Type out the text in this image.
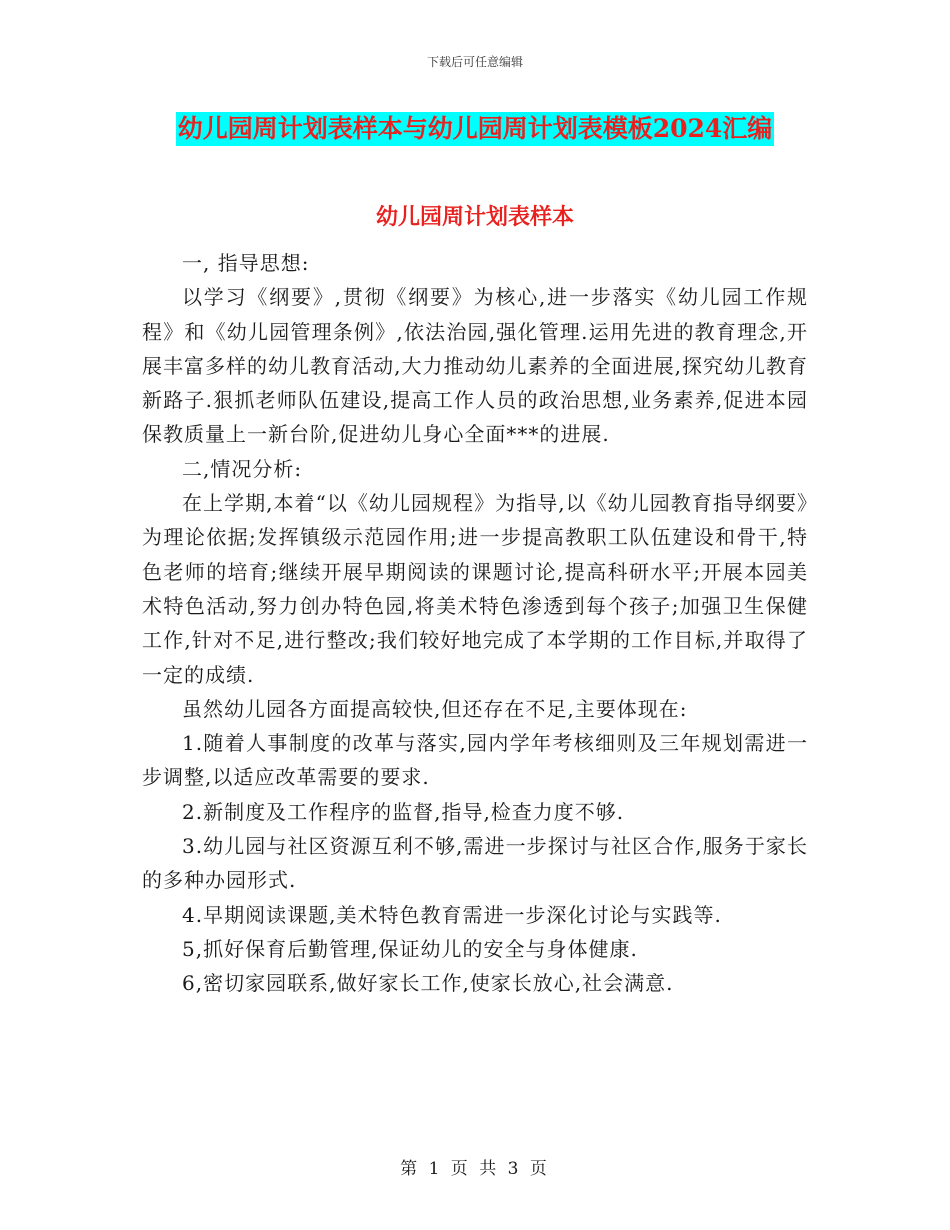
下载后可任意编辑
幼儿园周计划表样本与幼儿园周计划表模板2024汇编
幼儿园周计划表样本

一, 指导思想:

以学习《纲要》,贯彻《纲要》为核心,进一步落实《幼儿园工作规程》和《幼儿园管理条例》,依法治园,强化管理.运用先进的教育理念,开展丰富多样的幼儿教育活动,大力推动幼儿素养的全面进展,探究幼儿教育新路子.狠抓老师队伍建设,提高工作人员的政治思想,业务素养,促进本园保教质量上一新台阶,促进幼儿身心全面***的进展.

二,情况分析:

在上学期,本着“以《幼儿园规程》为指导,以《幼儿园教育指导纲要》为理论依据;发挥镇级示范园作用;进一步提高教职工队伍建设和骨干,特色老师的培育;继续开展早期阅读的课题讨论,提高科研水平;开展本园美术特色活动,努力创办特色园,将美术特色渗透到每个孩子;加强卫生保健工作,针对不足,进行整改;我们较好地完成了本学期的工作目标,并取得了一定的成绩.

虽然幼儿园各方面提高较快,但还存在不足,主要体现在:

1.随着人事制度的改革与落实,园内学年考核细则及三年规划需进一步调整,以适应改革需要的要求.

2.新制度及工作程序的监督,指导,检查力度不够.

3.幼儿园与社区资源互利不够,需进一步探讨与社区合作,服务于家长的多种办园形式.

4.早期阅读课题,美术特色教育需进一步深化讨论与实践等.

5,抓好保育后勤管理,保证幼儿的安全与身体健康.

6,密切家园联系,做好家长工作,使家长放心,社会满意.

第 1 页 共 3 页
